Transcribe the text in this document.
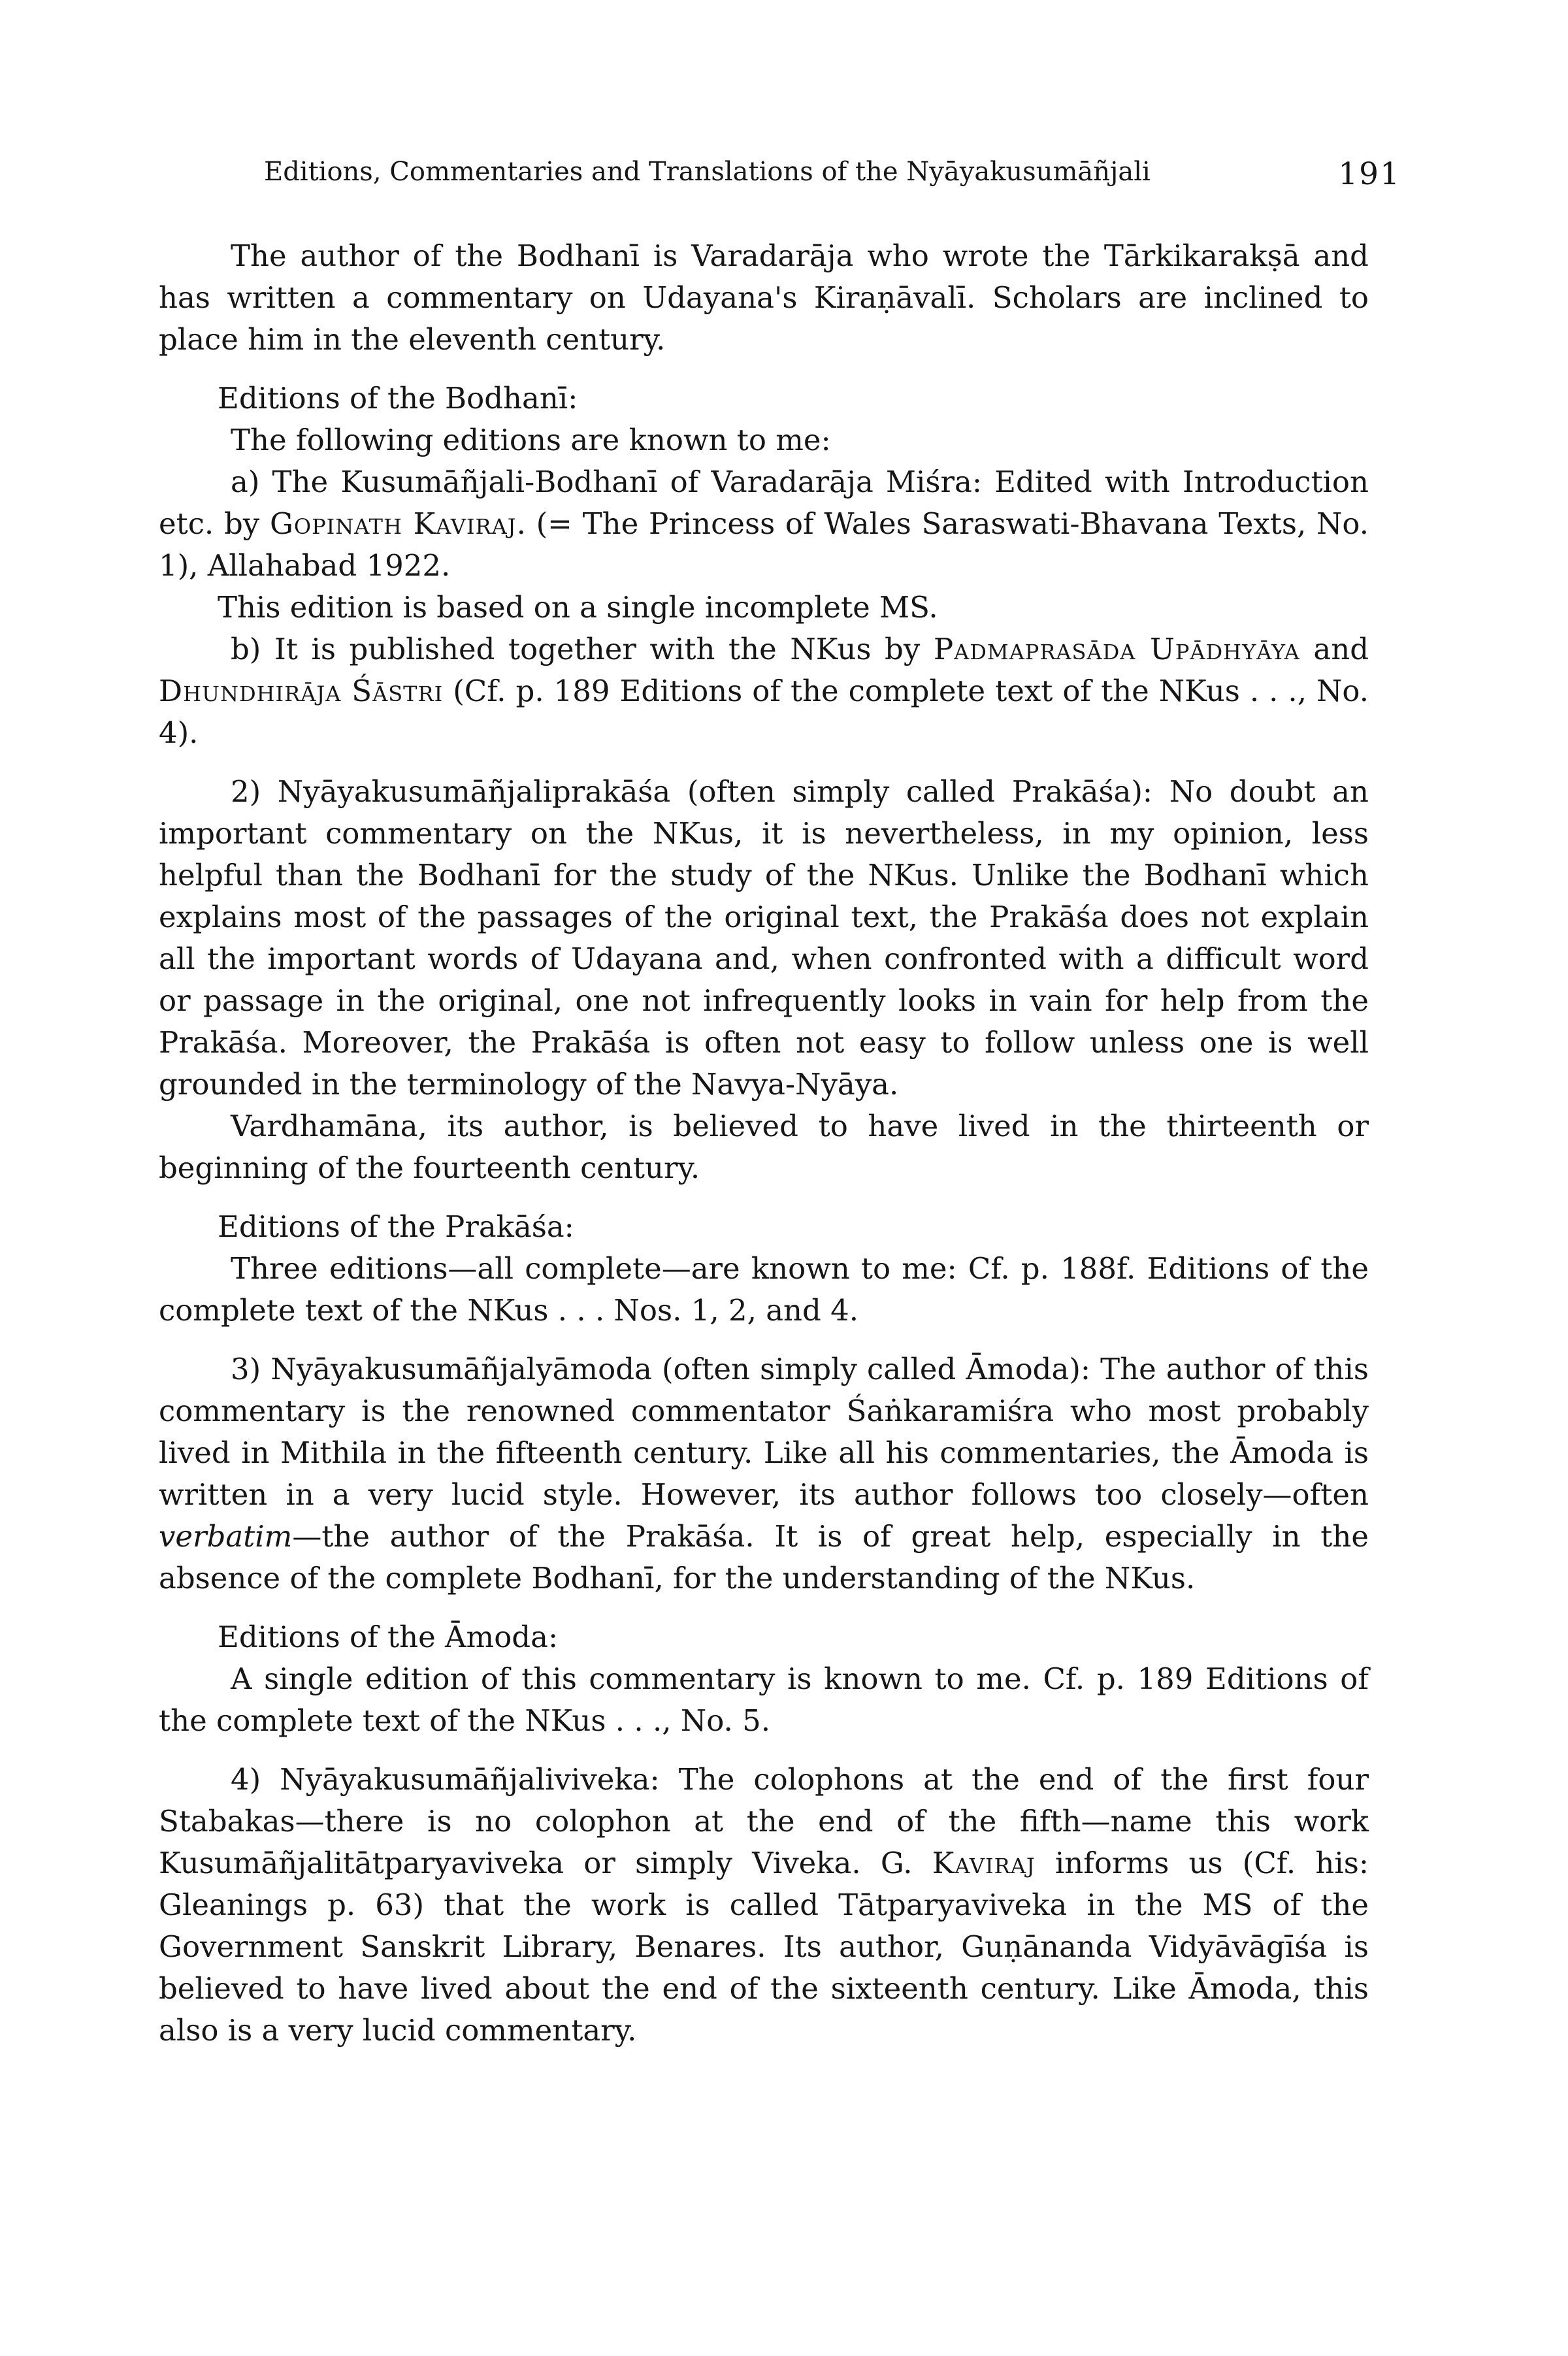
Editions, Commentaries and Translations of the Nyāyakusumāñjali	191

The author of the Bodhanī is Varadarāja who wrote the Tārkikarakṣā and has written a commentary on Udayana's Kiraṇāvalī. Scholars are inclined to place him in the eleventh century.

Editions of the Bodhanī:

The following editions are known to me:

a) The Kusumāñjali-Bodhanī of Varadarāja Miśra: Edited with Introduction etc. by Gopinath Kaviraj. (= The Princess of Wales Saraswati-Bhavana Texts, No. 1), Allahabad 1922.

This edition is based on a single incomplete MS.

b) It is published together with the NKus by Padmaprasāda Upādhyāya and Dhundhirāja Śāstri (Cf. p. 189 Editions of the complete text of the NKus . . ., No. 4).

2) Nyāyakusumāñjaliprakāśa (often simply called Prakāśa): No doubt an important commentary on the NKus, it is nevertheless, in my opinion, less helpful than the Bodhanī for the study of the NKus. Unlike the Bodhanī which explains most of the passages of the original text, the Prakāśa does not explain all the important words of Udayana and, when confronted with a difficult word or passage in the original, one not infrequently looks in vain for help from the Prakāśa. Moreover, the Prakāśa is often not easy to follow unless one is well grounded in the terminology of the Navya-Nyāya.

Vardhamāna, its author, is believed to have lived in the thirteenth or beginning of the fourteenth century.

Editions of the Prakāśa:

Three editions—all complete—are known to me: Cf. p. 188f. Editions of the complete text of the NKus . . . Nos. 1, 2, and 4.

3) Nyāyakusumāñjalyāmoda (often simply called Āmoda): The author of this commentary is the renowned commentator Śaṅkaramiśra who most probably lived in Mithila in the fifteenth century. Like all his commentaries, the Āmoda is written in a very lucid style. However, its author follows too closely—often verbatim—the author of the Prakāśa. It is of great help, especially in the absence of the complete Bodhanī, for the understanding of the NKus.

Editions of the Āmoda:

A single edition of this commentary is known to me. Cf. p. 189 Editions of the complete text of the NKus . . ., No. 5.

4) Nyāyakusumāñjaliviveka: The colophons at the end of the first four Stabakas—there is no colophon at the end of the fifth—name this work Kusumāñjalitātparyaviveka or simply Viveka. G. Kaviraj informs us (Cf. his: Gleanings p. 63) that the work is called Tātparyaviveka in the MS of the Government Sanskrit Library, Benares. Its author, Guṇānanda Vidyāvāgīśa is believed to have lived about the end of the sixteenth century. Like Āmoda, this also is a very lucid commentary.
